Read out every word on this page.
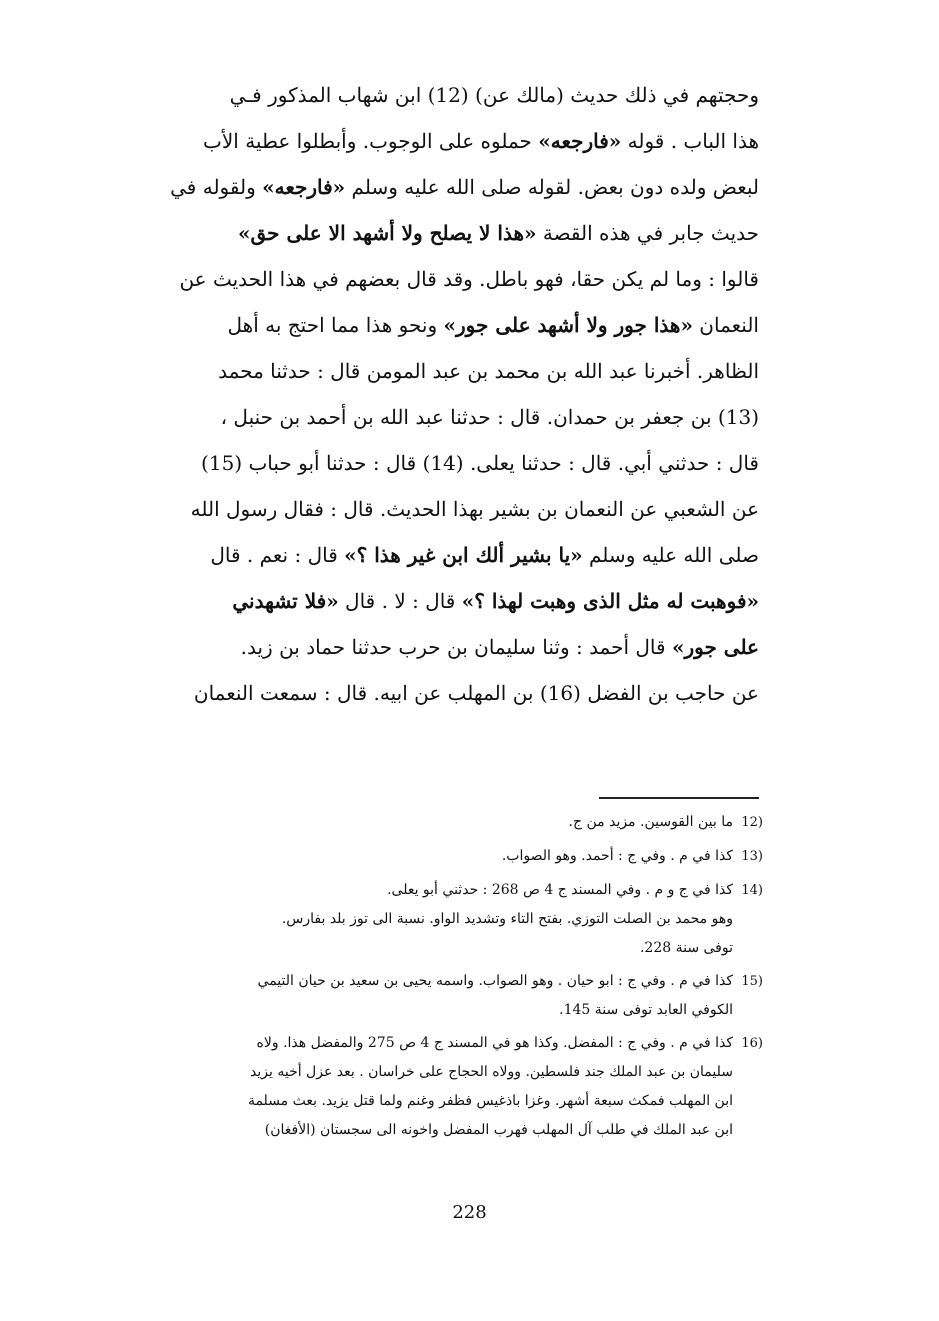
وحجتهم في ذلك حديث (مالك عن) (12) ابن شهاب المذكور فـي
هذا الباب . قوله «فارجعه» حملوه على الوجوب. وأبطلوا عطية الأب
لبعض ولده دون بعض. لقوله صلى الله عليه وسلم «فارجعه» ولقوله في
حديث جابر في هذه القصة «هذا لا يصلح ولا أشهد الا على حق»
قالوا : وما لم يكن حقا، فهو باطل. وقد قال بعضهم في هذا الحديث عن
النعمان «هذا جور ولا أشهد على جور» ونحو هذا مما احتج به أهل
الظاهر. أخبرنا عبد الله بن محمد بن عبد المومن قال : حدثنا محمد
(13) بن جعفر بن حمدان. قال : حدثنا عبد الله بن أحمد بن حنبل ،
قال : حدثني أبي. قال : حدثنا يعلى. (14) قال : حدثنا أبو حباب (15)
عن الشعبي عن النعمان بن بشير بهذا الحديث. قال : فقال رسول الله
صلى الله عليه وسلم «يا بشير ألك ابن غير هذا ؟» قال : نعم . قال
«فوهبت له مثل الذى وهبت لهذا ؟» قال : لا . قال «فلا تشهدني
على جور» قال أحمد : وثنا سليمان بن حرب حدثنا حماد بن زيد.
عن حاجب بن الفضل (16) بن المهلب عن ابيه. قال : سمعت النعمان
12)
ما بين القوسين. مزيد من ج.
13)
كذا في م . وفي ج : أحمد. وهو الصواب.
14)
كذا في ج و م . وفي المسند ج 4 ص 268 : حدثني أبو يعلى.
وهو محمد بن الصلت التوزي. بفتح التاء وتشديد الواو. نسبة الى توز بلد بفارس.
توفى سنة 228.
15)
كذا في م . وفي ج : ابو حيان . وهو الصواب. واسمه يحيى بن سعيد بن حيان التيمي
الكوفي العابد توفى سنة 145.
16)
كذا في م . وفي ج : المفضل. وكذا هو في المسند ج 4 ص 275 والمفضل هذا. ولاه
سليمان بن عبد الملك جند فلسطين. وولاه الحجاج على خراسان . بعد عزل أخيه يزيد
ابن المهلب فمكث سبعة أشهر. وغزا باذغيس فظفر وغنم ولما قتل يزيد. بعث مسلمة
ابن عبد الملك في طلب آل المهلب فهرب المفضل واخونه الى سجستان (الأفغان)
228
